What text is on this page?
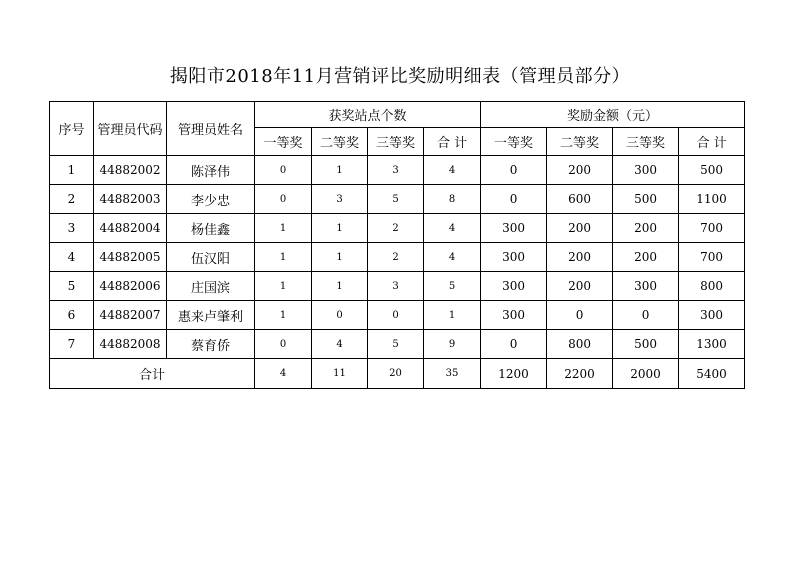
揭阳市2018年11月营销评比奖励明细表（管理员部分）
序号	管理员代码	管理员姓名	获奖站点个数				奖励金额（元）			
			一等奖	二等奖	三等奖	合 计	一等奖	二等奖	三等奖	合 计
1	44882002	陈泽伟	0	1	3	4	0	200	300	500
2	44882003	李少忠	0	3	5	8	0	600	500	1100
3	44882004	杨佳鑫	1	1	2	4	300	200	200	700
4	44882005	伍汉阳	1	1	2	4	300	200	200	700
5	44882006	庄国滨	1	1	3	5	300	200	300	800
6	44882007	惠来卢肇利	1	0	0	1	300	0	0	300
7	44882008	蔡育侨	0	4	5	9	0	800	500	1300
合计			4	11	20	35	1200	2200	2000	5400
